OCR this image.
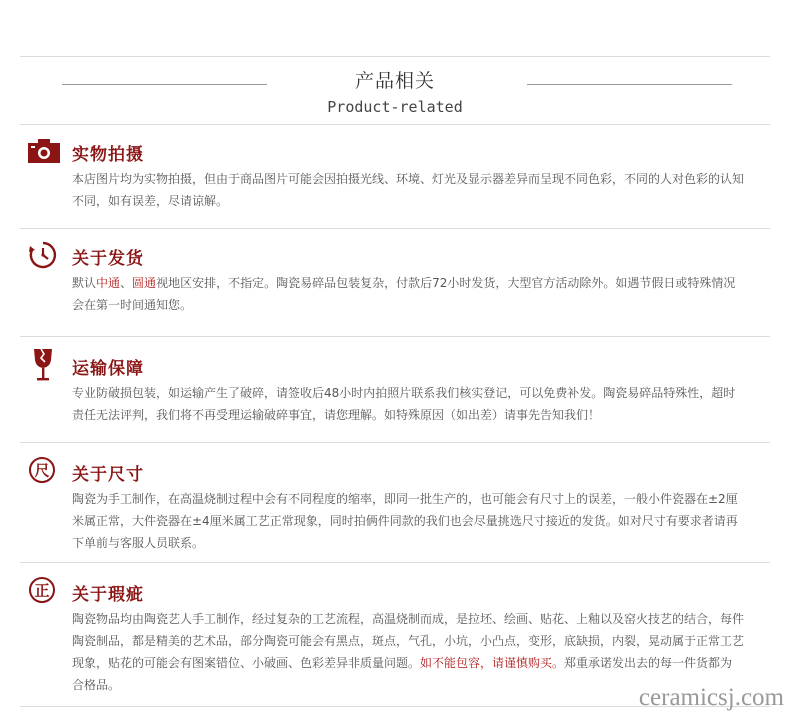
产品相关
Product-related
实物拍摄
本店图片均为实物拍摄，但由于商品图片可能会因拍摄光线、环境、灯光及显示器差异而呈现不同色彩，不同的人对色彩的认知不同，如有误差，尽请谅解。
关于发货
默认中通、圆通视地区安排，不指定。陶瓷易碎品包装复杂，付款后72小时发货，大型官方活动除外。如遇节假日或特殊情况会在第一时间通知您。
运输保障
专业防破损包装，如运输产生了破碎，请签收后48小时内拍照片联系我们核实登记，可以免费补发。陶瓷易碎品特殊性，超时责任无法评判，我们将不再受理运输破碎事宜，请您理解。如特殊原因（如出差）请事先告知我们！
尺 关于尺寸
陶瓷为手工制作，在高温烧制过程中会有不同程度的缩率，即同一批生产的，也可能会有尺寸上的误差，一般小件瓷器在±2厘米属正常，大件瓷器在±4厘米属工艺正常现象，同时拍俩件同款的我们也会尽量挑选尺寸接近的发货。如对尺寸有要求者请再下单前与客服人员联系。
正 关于瑕疵
陶瓷物品均由陶瓷艺人手工制作，经过复杂的工艺流程，高温烧制而成，是拉坯、绘画、贴花、上釉以及窑火技艺的结合，每件陶瓷制品，都是精美的艺术品，部分陶瓷可能会有黑点，斑点，气孔，小坑，小凸点，变形，底缺损，内裂，晃动属于正常工艺现象，贴花的可能会有图案错位、小破画、色彩差异非质量问题。如不能包容，请谨慎购买。郑重承诺发出去的每一件货都为合格品。	ceramicsj.com
